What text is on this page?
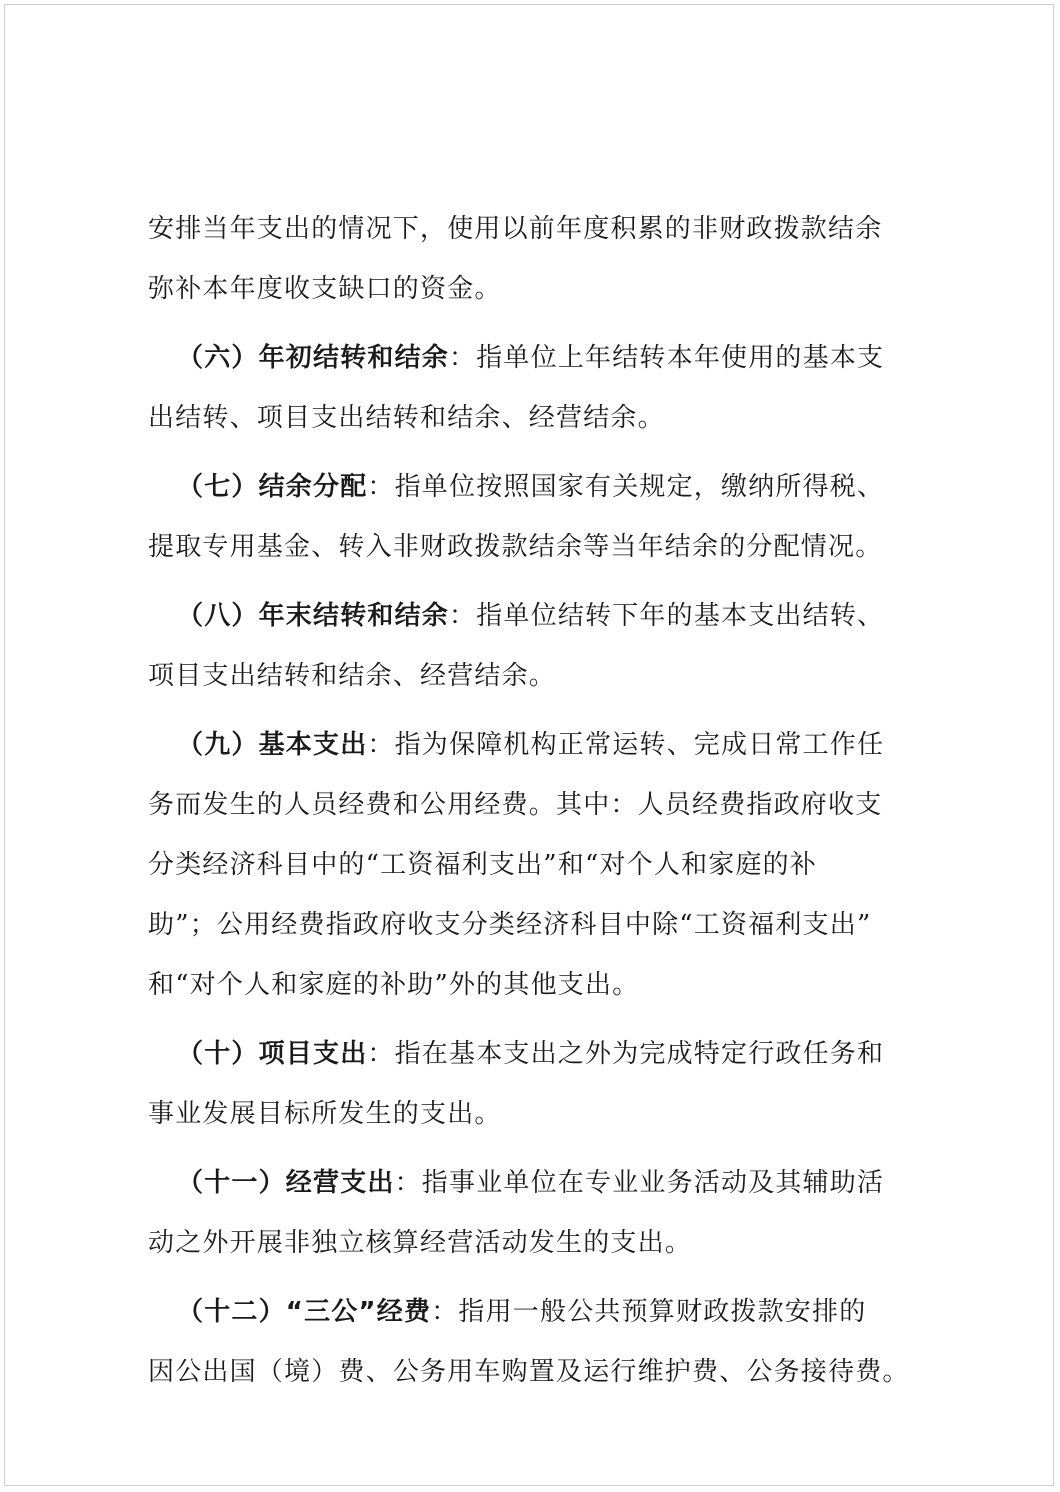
安排当年支出的情况下，使用以前年度积累的非财政拨款结余
弥补本年度收支缺口的资金。
（六）年初结转和结余：指单位上年结转本年使用的基本支
出结转、项目支出结转和结余、经营结余。
（七）结余分配：指单位按照国家有关规定，缴纳所得税、
提取专用基金、转入非财政拨款结余等当年结余的分配情况。
（八）年末结转和结余：指单位结转下年的基本支出结转、
项目支出结转和结余、经营结余。
（九）基本支出：指为保障机构正常运转、完成日常工作任
务而发生的人员经费和公用经费。其中：人员经费指政府收支
分类经济科目中的“工资福利支出”和“对个人和家庭的补
助”；公用经费指政府收支分类经济科目中除“工资福利支出”
和“对个人和家庭的补助”外的其他支出。
（十）项目支出：指在基本支出之外为完成特定行政任务和
事业发展目标所发生的支出。
（十一）经营支出：指事业单位在专业业务活动及其辅助活
动之外开展非独立核算经营活动发生的支出。
（十二）“三公”经费：指用一般公共预算财政拨款安排的
因公出国（境）费、公务用车购置及运行维护费、公务接待费。
